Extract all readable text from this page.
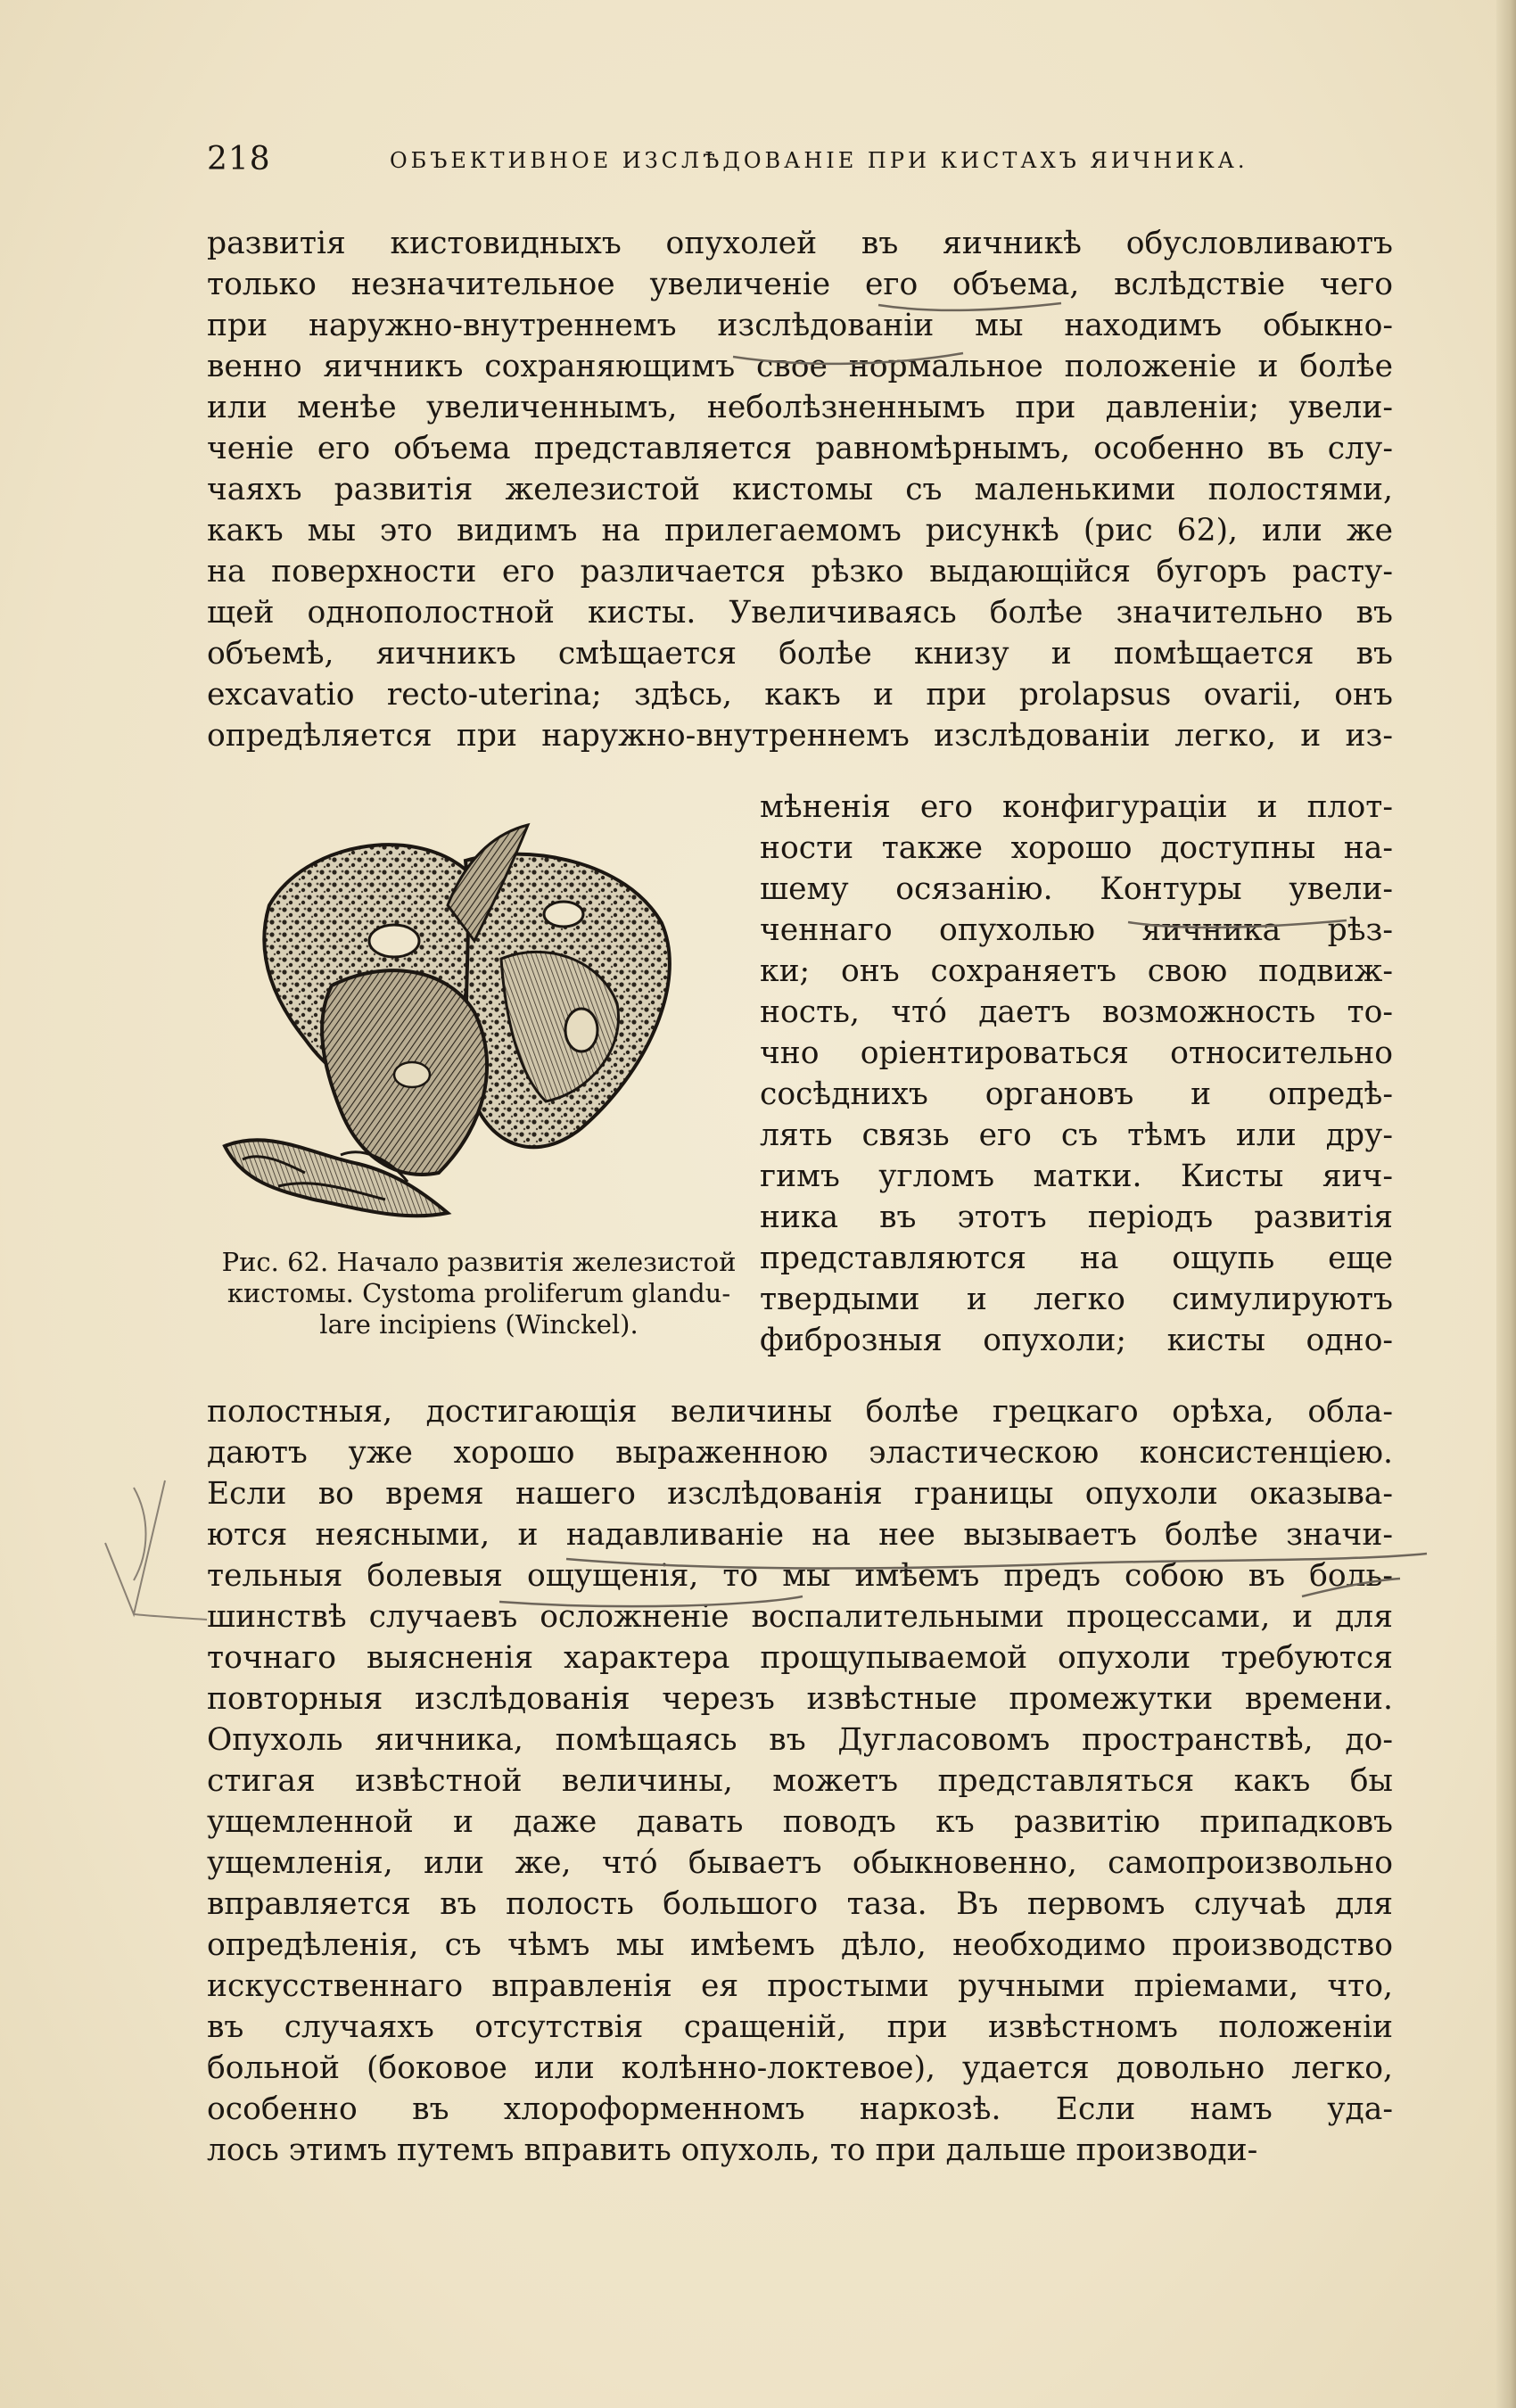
218	ОБЪЕКТИВНОЕ ИЗСЛѢДОВАНІЕ ПРИ КИСТАХЪ ЯИЧНИКА.
развитія кистовидныхъ опухолей въ яичникѣ обусловливаютъ
только незначительное увеличеніе его объема, вслѣдствіе чего
при наружно-внутреннемъ изслѣдованіи мы находимъ обыкно-
венно яичникъ сохраняющимъ свое нормальное положеніе и болѣе
или менѣе увеличеннымъ, неболѣзненнымъ при давленіи; увели-
ченіе его объема представляется равномѣрнымъ, особенно въ слу-
чаяхъ развитія железистой кистомы съ маленькими полостями,
какъ мы это видимъ на прилегаемомъ рисункѣ (рис 62), или же
на поверхности его различается рѣзко выдающійся бугоръ расту-
щей однополостной кисты. Увеличиваясь болѣе значительно въ
объемѣ, яичникъ смѣщается болѣе книзу и помѣщается въ
excavatio recto-uterina; здѣсь, какъ и при prolapsus ovarii, онъ
опредѣляется при наружно-внутреннемъ изслѣдованіи легко, и из-
Рис. 62. Начало развитія железистой
кистомы. Cystoma proliferum glandu-
lare incipiens (Winckel).
мѣненія его конфигураціи и плот-
ности также хорошо доступны на-
шему осязанію. Контуры увели-
ченнаго опухолью яичника рѣз-
ки; онъ сохраняетъ свою подвиж-
ность, что́ даетъ возможность то-
чно оріентироваться относительно
сосѣднихъ органовъ и опредѣ-
лять связь его съ тѣмъ или дру-
гимъ угломъ матки. Кисты яич-
ника въ этотъ періодъ развитія
представляются на ощупь еще
твердыми и легко симулируютъ
фиброзныя опухоли; кисты одно-
полостныя, достигающія величины болѣе грецкаго орѣха, обла-
даютъ уже хорошо выраженною эластическою консистенціею.
Если во время нашего изслѣдованія границы опухоли оказыва-
ются неясными, и надавливаніе на нее вызываетъ болѣе значи-
тельныя болевыя ощущенія, то мы имѣемъ предъ собою въ боль-
шинствѣ случаевъ осложненіе воспалительными процессами, и для
точнаго выясненія характера прощупываемой опухоли требуются
повторныя изслѣдованія черезъ извѣстные промежутки времени.
Опухоль яичника, помѣщаясь въ Дугласовомъ пространствѣ, до-
стигая извѣстной величины, можетъ представляться какъ бы
ущемленной и даже давать поводъ къ развитію припадковъ
ущемленія, или же, что́ бываетъ обыкновенно, самопроизвольно
вправляется въ полость большого таза. Въ первомъ случаѣ для
опредѣленія, съ чѣмъ мы имѣемъ дѣло, необходимо производство
искусственнаго вправленія ея простыми ручными пріемами, что,
въ случаяхъ отсутствія сращеній, при извѣстномъ положеніи
больной (боковое или колѣнно-локтевое), удается довольно легко,
особенно въ хлороформенномъ наркозѣ. Если намъ уда-
лось этимъ путемъ вправить опухоль, то при дальше производи-
